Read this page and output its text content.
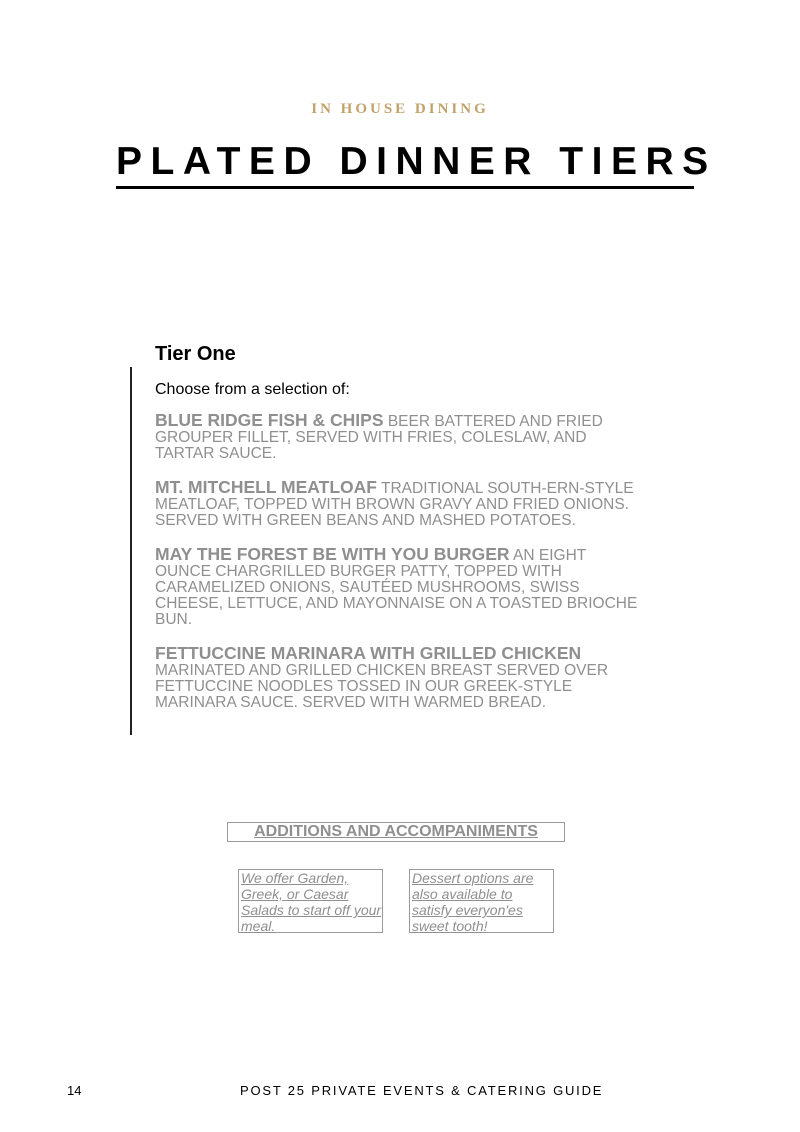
IN HOUSE DINING
PLATED DINNER TIERS
Tier One
Choose from a selection of:

BLUE RIDGE FISH & CHIPS BEER BATTERED AND FRIED GROUPER FILLET, SERVED WITH FRIES, COLESLAW, AND TARTAR SAUCE.

MT. MITCHELL MEATLOAF TRADITIONAL SOUTH-ERN-STYLE MEATLOAF, TOPPED WITH BROWN GRAVY AND FRIED ONIONS. SERVED WITH GREEN BEANS AND MASHED POTATOES.

MAY THE FOREST BE WITH YOU BURGER AN EIGHT OUNCE CHARGRILLED BURGER PATTY, TOPPED WITH CARAMELIZED ONIONS, SAUTÉED MUSHROOMS, SWISS CHEESE, LETTUCE, AND MAYONNAISE ON A TOASTED BRIOCHE BUN.

FETTUCCINE MARINARA WITH GRILLED CHICKEN MARINATED AND GRILLED CHICKEN BREAST SERVED OVER FETTUCCINE NOODLES TOSSED IN OUR GREEK-STYLE MARINARA SAUCE. SERVED WITH WARMED BREAD.

ADDITIONS AND ACCOMPANIMENTS
We offer Garden, Greek, or Caesar Salads to start off your meal.
Dessert options are also available to satisfy everyon'es sweet tooth!
14	POST 25 PRIVATE EVENTS & CATERING GUIDE
